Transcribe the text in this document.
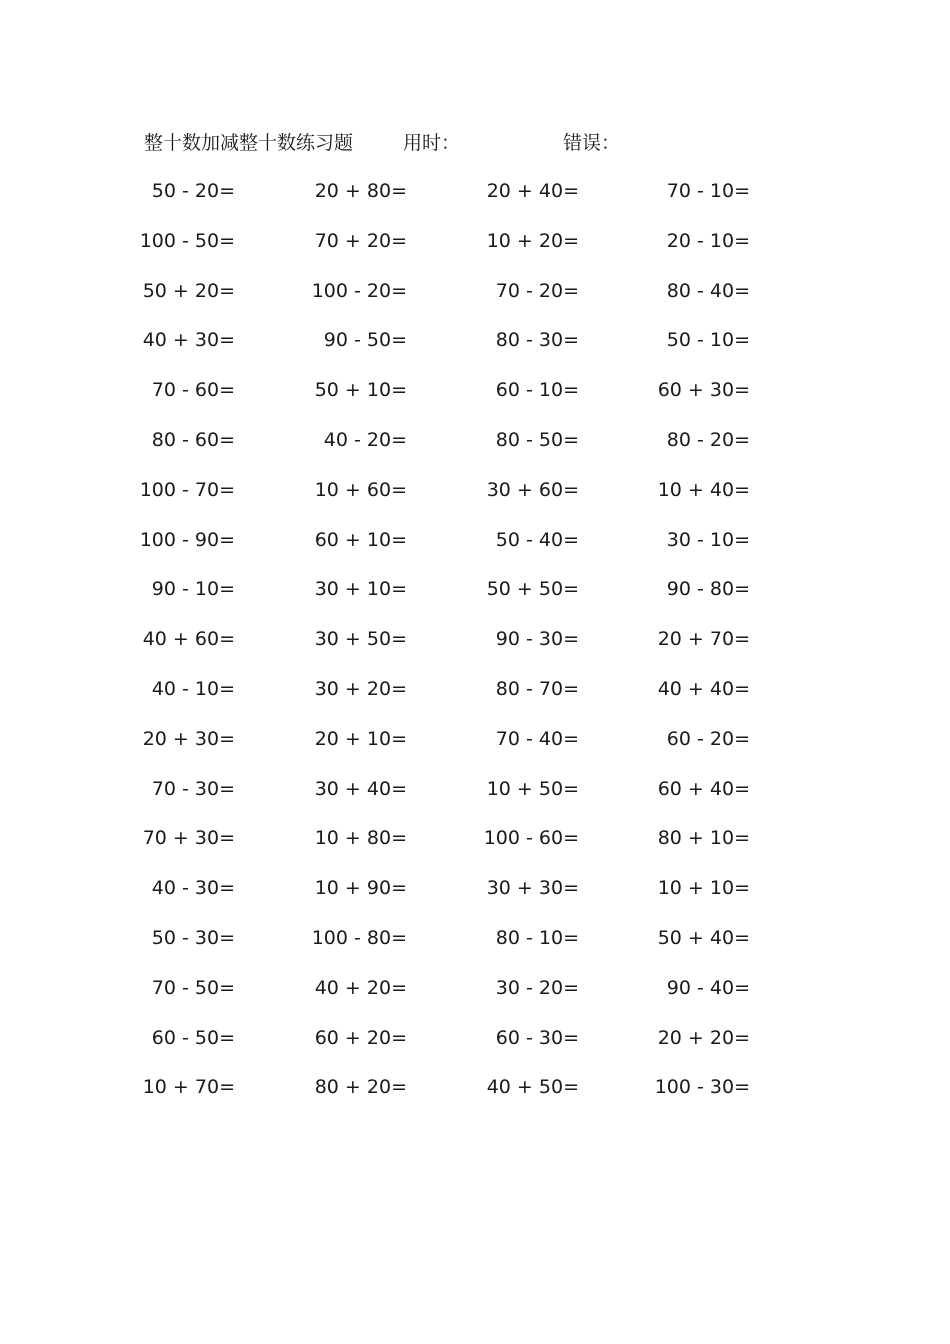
整十数加减整十数练习题	用时：	错误：
50 - 20=	20 + 80=	20 + 40=	70 - 10=
100 - 50=	70 + 20=	10 + 20=	20 - 10=
50 + 20=	100 - 20=	70 - 20=	80 - 40=
40 + 30=	90 - 50=	80 - 30=	50 - 10=
70 - 60=	50 + 10=	60 - 10=	60 + 30=
80 - 60=	40 - 20=	80 - 50=	80 - 20=
100 - 70=	10 + 60=	30 + 60=	10 + 40=
100 - 90=	60 + 10=	50 - 40=	30 - 10=
90 - 10=	30 + 10=	50 + 50=	90 - 80=
40 + 60=	30 + 50=	90 - 30=	20 + 70=
40 - 10=	30 + 20=	80 - 70=	40 + 40=
20 + 30=	20 + 10=	70 - 40=	60 - 20=
70 - 30=	30 + 40=	10 + 50=	60 + 40=
70 + 30=	10 + 80=	100 - 60=	80 + 10=
40 - 30=	10 + 90=	30 + 30=	10 + 10=
50 - 30=	100 - 80=	80 - 10=	50 + 40=
70 - 50=	40 + 20=	30 - 20=	90 - 40=
60 - 50=	60 + 20=	60 - 30=	20 + 20=
10 + 70=	80 + 20=	40 + 50=	100 - 30=
